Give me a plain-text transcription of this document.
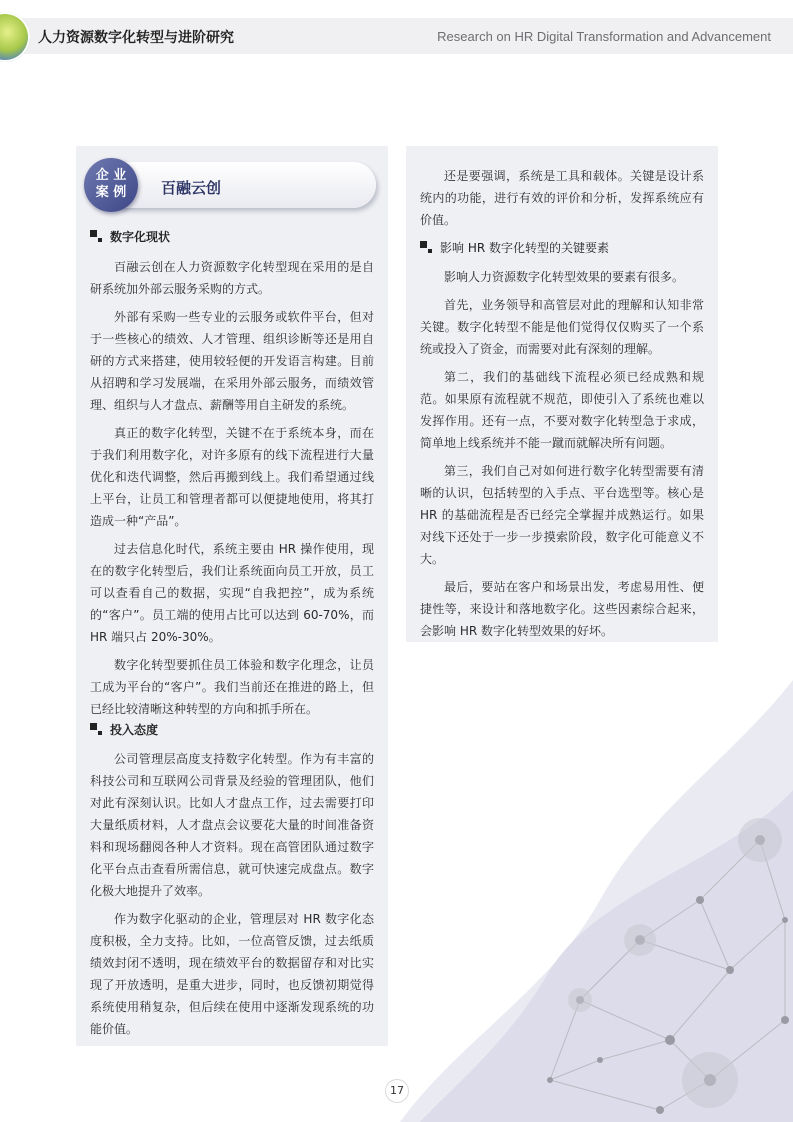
人力资源数字化转型与进阶研究	Research on HR Digital Transformation and Advancement
企 业
案 例	百融云创
数字化现状

百融云创在人力资源数字化转型现在采用的是自研系统加外部云服务采购的方式。

外部有采购一些专业的云服务或软件平台，但对于一些核心的绩效、人才管理、组织诊断等还是用自研的方式来搭建，使用较轻便的开发语言构建。目前从招聘和学习发展端，在采用外部云服务，而绩效管理、组织与人才盘点、薪酬等用自主研发的系统。

真正的数字化转型，关键不在于系统本身，而在于我们利用数字化，对许多原有的线下流程进行大量优化和迭代调整，然后再搬到线上。我们希望通过线上平台，让员工和管理者都可以便捷地使用，将其打造成一种“产品”。

过去信息化时代，系统主要由 HR 操作使用，现在的数字化转型后，我们让系统面向员工开放，员工可以查看自己的数据，实现“自我把控”，成为系统的“客户”。员工端的使用占比可以达到 60-70%，而 HR 端只占 20%-30%。

数字化转型要抓住员工体验和数字化理念，让员工成为平台的“客户”。我们当前还在推进的路上，但已经比较清晰这种转型的方向和抓手所在。

投入态度

公司管理层高度支持数字化转型。作为有丰富的科技公司和互联网公司背景及经验的管理团队，他们对此有深刻认识。比如人才盘点工作，过去需要打印大量纸质材料，人才盘点会议要花大量的时间准备资料和现场翻阅各种人才资料。现在高管团队通过数字化平台点击查看所需信息，就可快速完成盘点。数字化极大地提升了效率。

作为数字化驱动的企业，管理层对 HR 数字化态度积极，全力支持。比如，一位高管反馈，过去纸质绩效封闭不透明，现在绩效平台的数据留存和对比实现了开放透明，是重大进步，同时，也反馈初期觉得系统使用稍复杂，但后续在使用中逐渐发现系统的功能价值。

还是要强调，系统是工具和载体。关键是设计系统内的功能，进行有效的评价和分析，发挥系统应有价值。

影响 HR 数字化转型的关键要素

影响人力资源数字化转型效果的要素有很多。

首先，业务领导和高管层对此的理解和认知非常关键。数字化转型不能是他们觉得仅仅购买了一个系统或投入了资金，而需要对此有深刻的理解。

第二，我们的基础线下流程必须已经成熟和规范。如果原有流程就不规范，即使引入了系统也难以发挥作用。还有一点，不要对数字化转型急于求成，简单地上线系统并不能一蹴而就解决所有问题。

第三，我们自己对如何进行数字化转型需要有清晰的认识，包括转型的入手点、平台选型等。核心是 HR 的基础流程是否已经完全掌握并成熟运行。如果对线下还处于一步一步摸索阶段，数字化可能意义不大。

最后，要站在客户和场景出发，考虑易用性、便捷性等，来设计和落地数字化。这些因素综合起来，会影响 HR 数字化转型效果的好坏。

17
